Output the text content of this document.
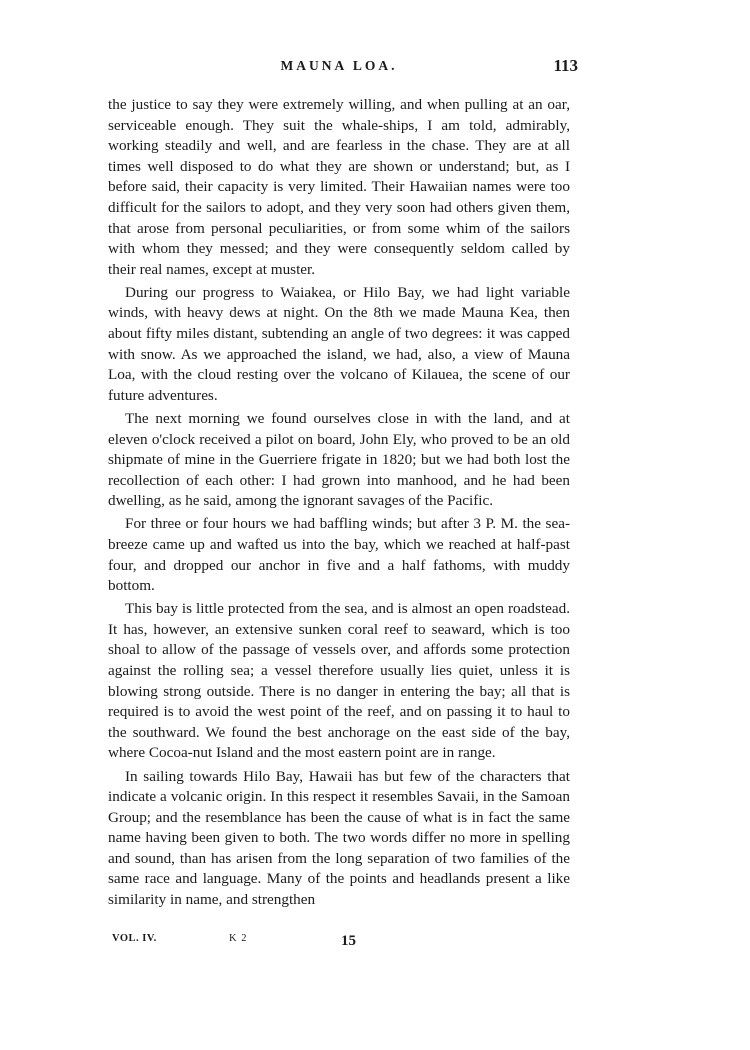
MAUNA LOA.	113

the justice to say they were extremely willing, and when pulling at an oar, serviceable enough. They suit the whale-ships, I am told, admirably, working steadily and well, and are fearless in the chase. They are at all times well disposed to do what they are shown or understand; but, as I before said, their capacity is very limited. Their Hawaiian names were too difficult for the sailors to adopt, and they very soon had others given them, that arose from personal peculiarities, or from some whim of the sailors with whom they messed; and they were consequently seldom called by their real names, except at muster.

During our progress to Waiakea, or Hilo Bay, we had light variable winds, with heavy dews at night. On the 8th we made Mauna Kea, then about fifty miles distant, subtending an angle of two degrees: it was capped with snow. As we approached the island, we had, also, a view of Mauna Loa, with the cloud resting over the volcano of Kilauea, the scene of our future adventures.

The next morning we found ourselves close in with the land, and at eleven o'clock received a pilot on board, John Ely, who proved to be an old shipmate of mine in the Guerriere frigate in 1820; but we had both lost the recollection of each other: I had grown into manhood, and he had been dwelling, as he said, among the ignorant savages of the Pacific.

For three or four hours we had baffling winds; but after 3 P. M. the sea-breeze came up and wafted us into the bay, which we reached at half-past four, and dropped our anchor in five and a half fathoms, with muddy bottom.

This bay is little protected from the sea, and is almost an open roadstead. It has, however, an extensive sunken coral reef to seaward, which is too shoal to allow of the passage of vessels over, and affords some protection against the rolling sea; a vessel therefore usually lies quiet, unless it is blowing strong outside. There is no danger in entering the bay; all that is required is to avoid the west point of the reef, and on passing it to haul to the southward. We found the best anchorage on the east side of the bay, where Cocoa-nut Island and the most eastern point are in range.

In sailing towards Hilo Bay, Hawaii has but few of the characters that indicate a volcanic origin. In this respect it resembles Savaii, in the Samoan Group; and the resemblance has been the cause of what is in fact the same name having been given to both. The two words differ no more in spelling and sound, than has arisen from the long separation of two families of the same race and language. Many of the points and headlands present a like similarity in name, and strengthen

VOL. IV.	K 2	15
